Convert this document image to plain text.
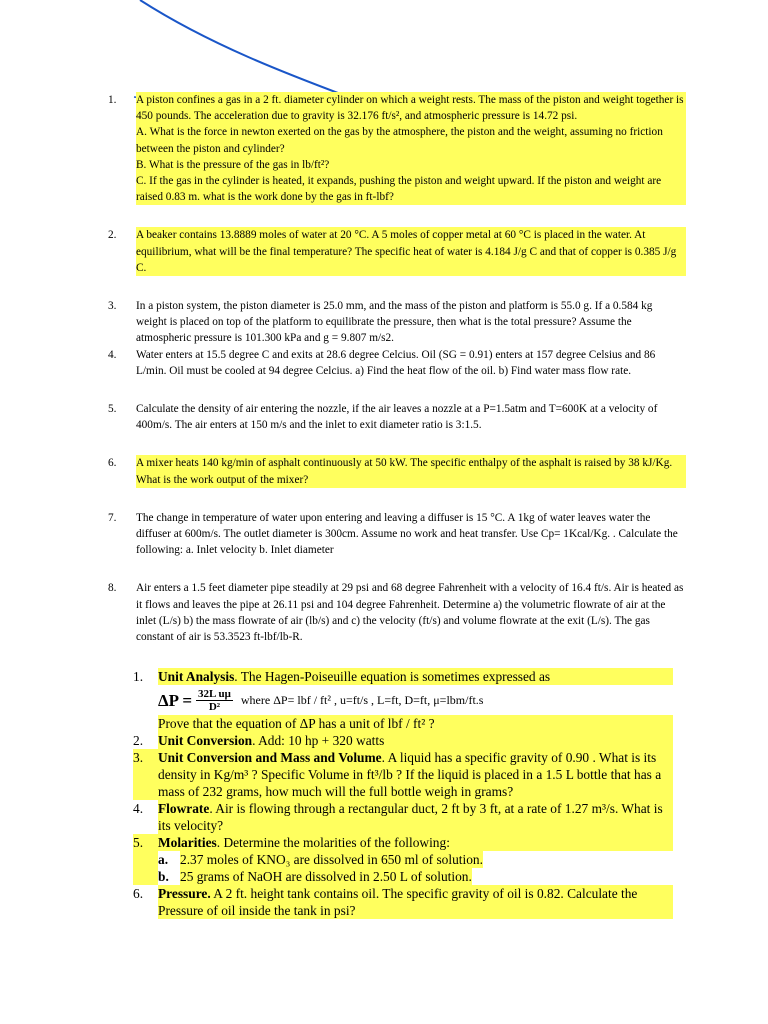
1.	A piston confines a gas in a 2 ft. diameter cylinder on which a weight rests. The mass of the piston and weight together is 450 pounds. The acceleration due to gravity is 32.176 ft/s², and atmospheric pressure is 14.72 psi.

A. What is the force in newton exerted on the gas by the atmosphere, the piston and the weight, assuming no friction between the piston and cylinder?

B. What is the pressure of the gas in lb/ft²?

C. If the gas in the cylinder is heated, it expands, pushing the piston and weight upward. If the piston and weight are raised 0.83 m. what is the work done by the gas in ft-lbf?

2.	A beaker contains 13.8889 moles of water at 20 °C. A 5 moles of copper metal at 60 °C is placed in the water. At equilibrium, what will be the final temperature? The specific heat of water is 4.184 J/g C and that of copper is 0.385 J/g C.

3.	In a piston system, the piston diameter is 25.0 mm, and the mass of the piston and platform is 55.0 g. If a 0.584 kg weight is placed on top of the platform to equilibrate the pressure, then what is the total pressure? Assume the atmospheric pressure is 101.300 kPa and g = 9.807 m/s2.

4.	Water enters at 15.5 degree C and exits at 28.6 degree Celcius. Oil (SG = 0.91) enters at 157 degree Celsius and 86 L/min. Oil must be cooled at 94 degree Celcius. a) Find the heat flow of the oil. b) Find water mass flow rate.

5.	Calculate the density of air entering the nozzle, if the air leaves a nozzle at a P=1.5atm and T=600K at a velocity of 400m/s. The air enters at 150 m/s and the inlet to exit diameter ratio is 3:1.5.

6.	A mixer heats 140 kg/min of asphalt continuously at 50 kW. The specific enthalpy of the asphalt is raised by 38 kJ/Kg. What is the work output of the mixer?

7.	The change in temperature of water upon entering and leaving a diffuser is 15 °C. A 1kg of water leaves water the diffuser at 600m/s. The outlet diameter is 300cm. Assume no work and heat transfer. Use Cp= 1Kcal/Kg. . Calculate the following: a. Inlet velocity b. Inlet diameter

8.	Air enters a 1.5 feet diameter pipe steadily at 29 psi and 68 degree Fahrenheit with a velocity of 16.4 ft/s. Air is heated as it flows and leaves the pipe at 26.11 psi and 104 degree Fahrenheit. Determine a) the volumetric flowrate of air at the inlet (L/s) b) the mass flowrate of air (lb/s) and c) the velocity (ft/s) and volume flowrate at the exit (L/s). The gas constant of air is 53.3523 ft-lbf/lb-R.

1.	Unit Analysis. The Hagen-Poiseuille equation is sometimes expressed as

$\Delta P = \frac{\text{32L uμ}}{\text{D²}}$ where ΔP= lbf / ft² , u=ft/s , L=ft, D=ft, μ=lbm/ft.s

Prove that the equation of ΔP has a unit of lbf / ft² ?

2.	Unit Conversion. Add: 10 hp + 320 watts

3.	Unit Conversion and Mass and Volume. A liquid has a specific gravity of 0.90 . What is its density in Kg/m³ ? Specific Volume in ft³/lb ? If the liquid is placed in a 1.5 L bottle that has a mass of 232 grams, how much will the full bottle weigh in grams?

4.	Flowrate. Air is flowing through a rectangular duct, 2 ft by 3 ft, at a rate of 1.27 m³/s. What is its velocity?

5.	Molarities. Determine the molarities of the following:

a. 2.37 moles of KNO₃ are dissolved in 650 ml of solution.
b. 25 grams of NaOH are dissolved in 2.50 L of solution.
6.	Pressure. A 2 ft. height tank contains oil. The specific gravity of oil is 0.82. Calculate the Pressure of oil inside the tank in psi?
